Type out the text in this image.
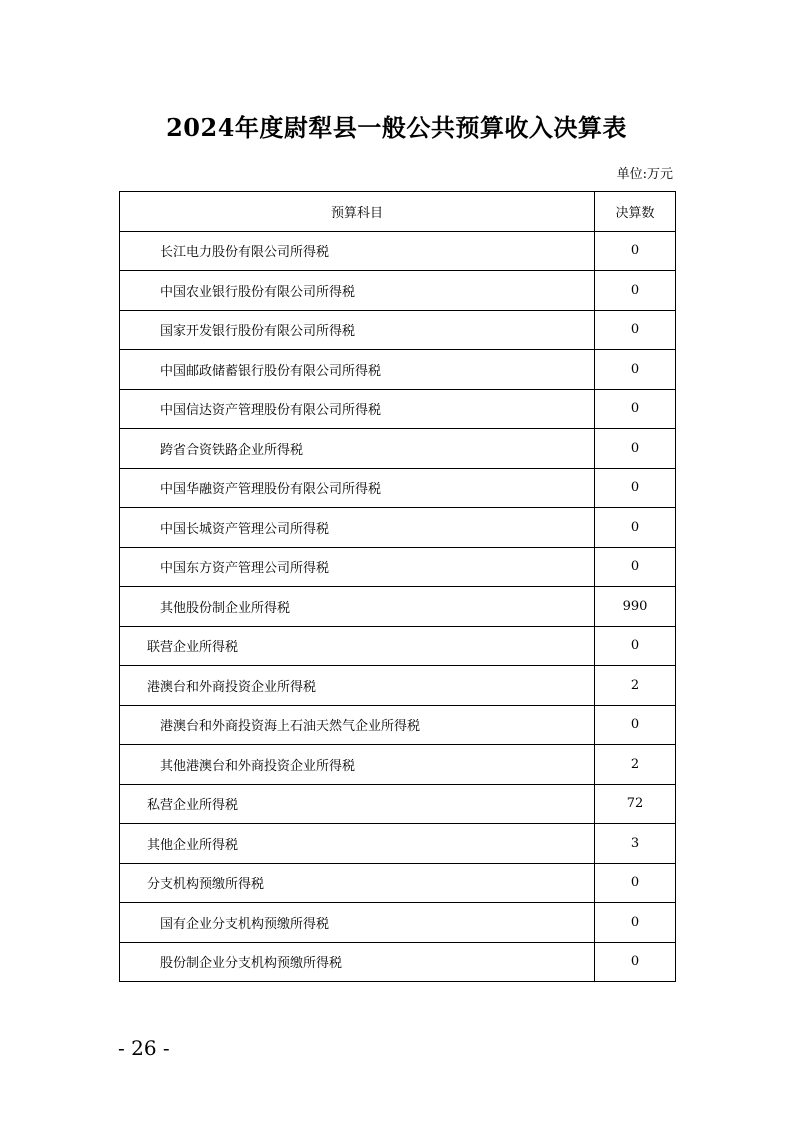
2024年度尉犁县一般公共预算收入决算表
单位:万元
预算科目	决算数
长江电力股份有限公司所得税	0
中国农业银行股份有限公司所得税	0
国家开发银行股份有限公司所得税	0
中国邮政储蓄银行股份有限公司所得税	0
中国信达资产管理股份有限公司所得税	0
跨省合资铁路企业所得税	0
中国华融资产管理股份有限公司所得税	0
中国长城资产管理公司所得税	0
中国东方资产管理公司所得税	0
其他股份制企业所得税	990
联营企业所得税	0
港澳台和外商投资企业所得税	2
港澳台和外商投资海上石油天然气企业所得税	0
其他港澳台和外商投资企业所得税	2
私营企业所得税	72
其他企业所得税	3
分支机构预缴所得税	0
国有企业分支机构预缴所得税	0
股份制企业分支机构预缴所得税	0
- 26 -
